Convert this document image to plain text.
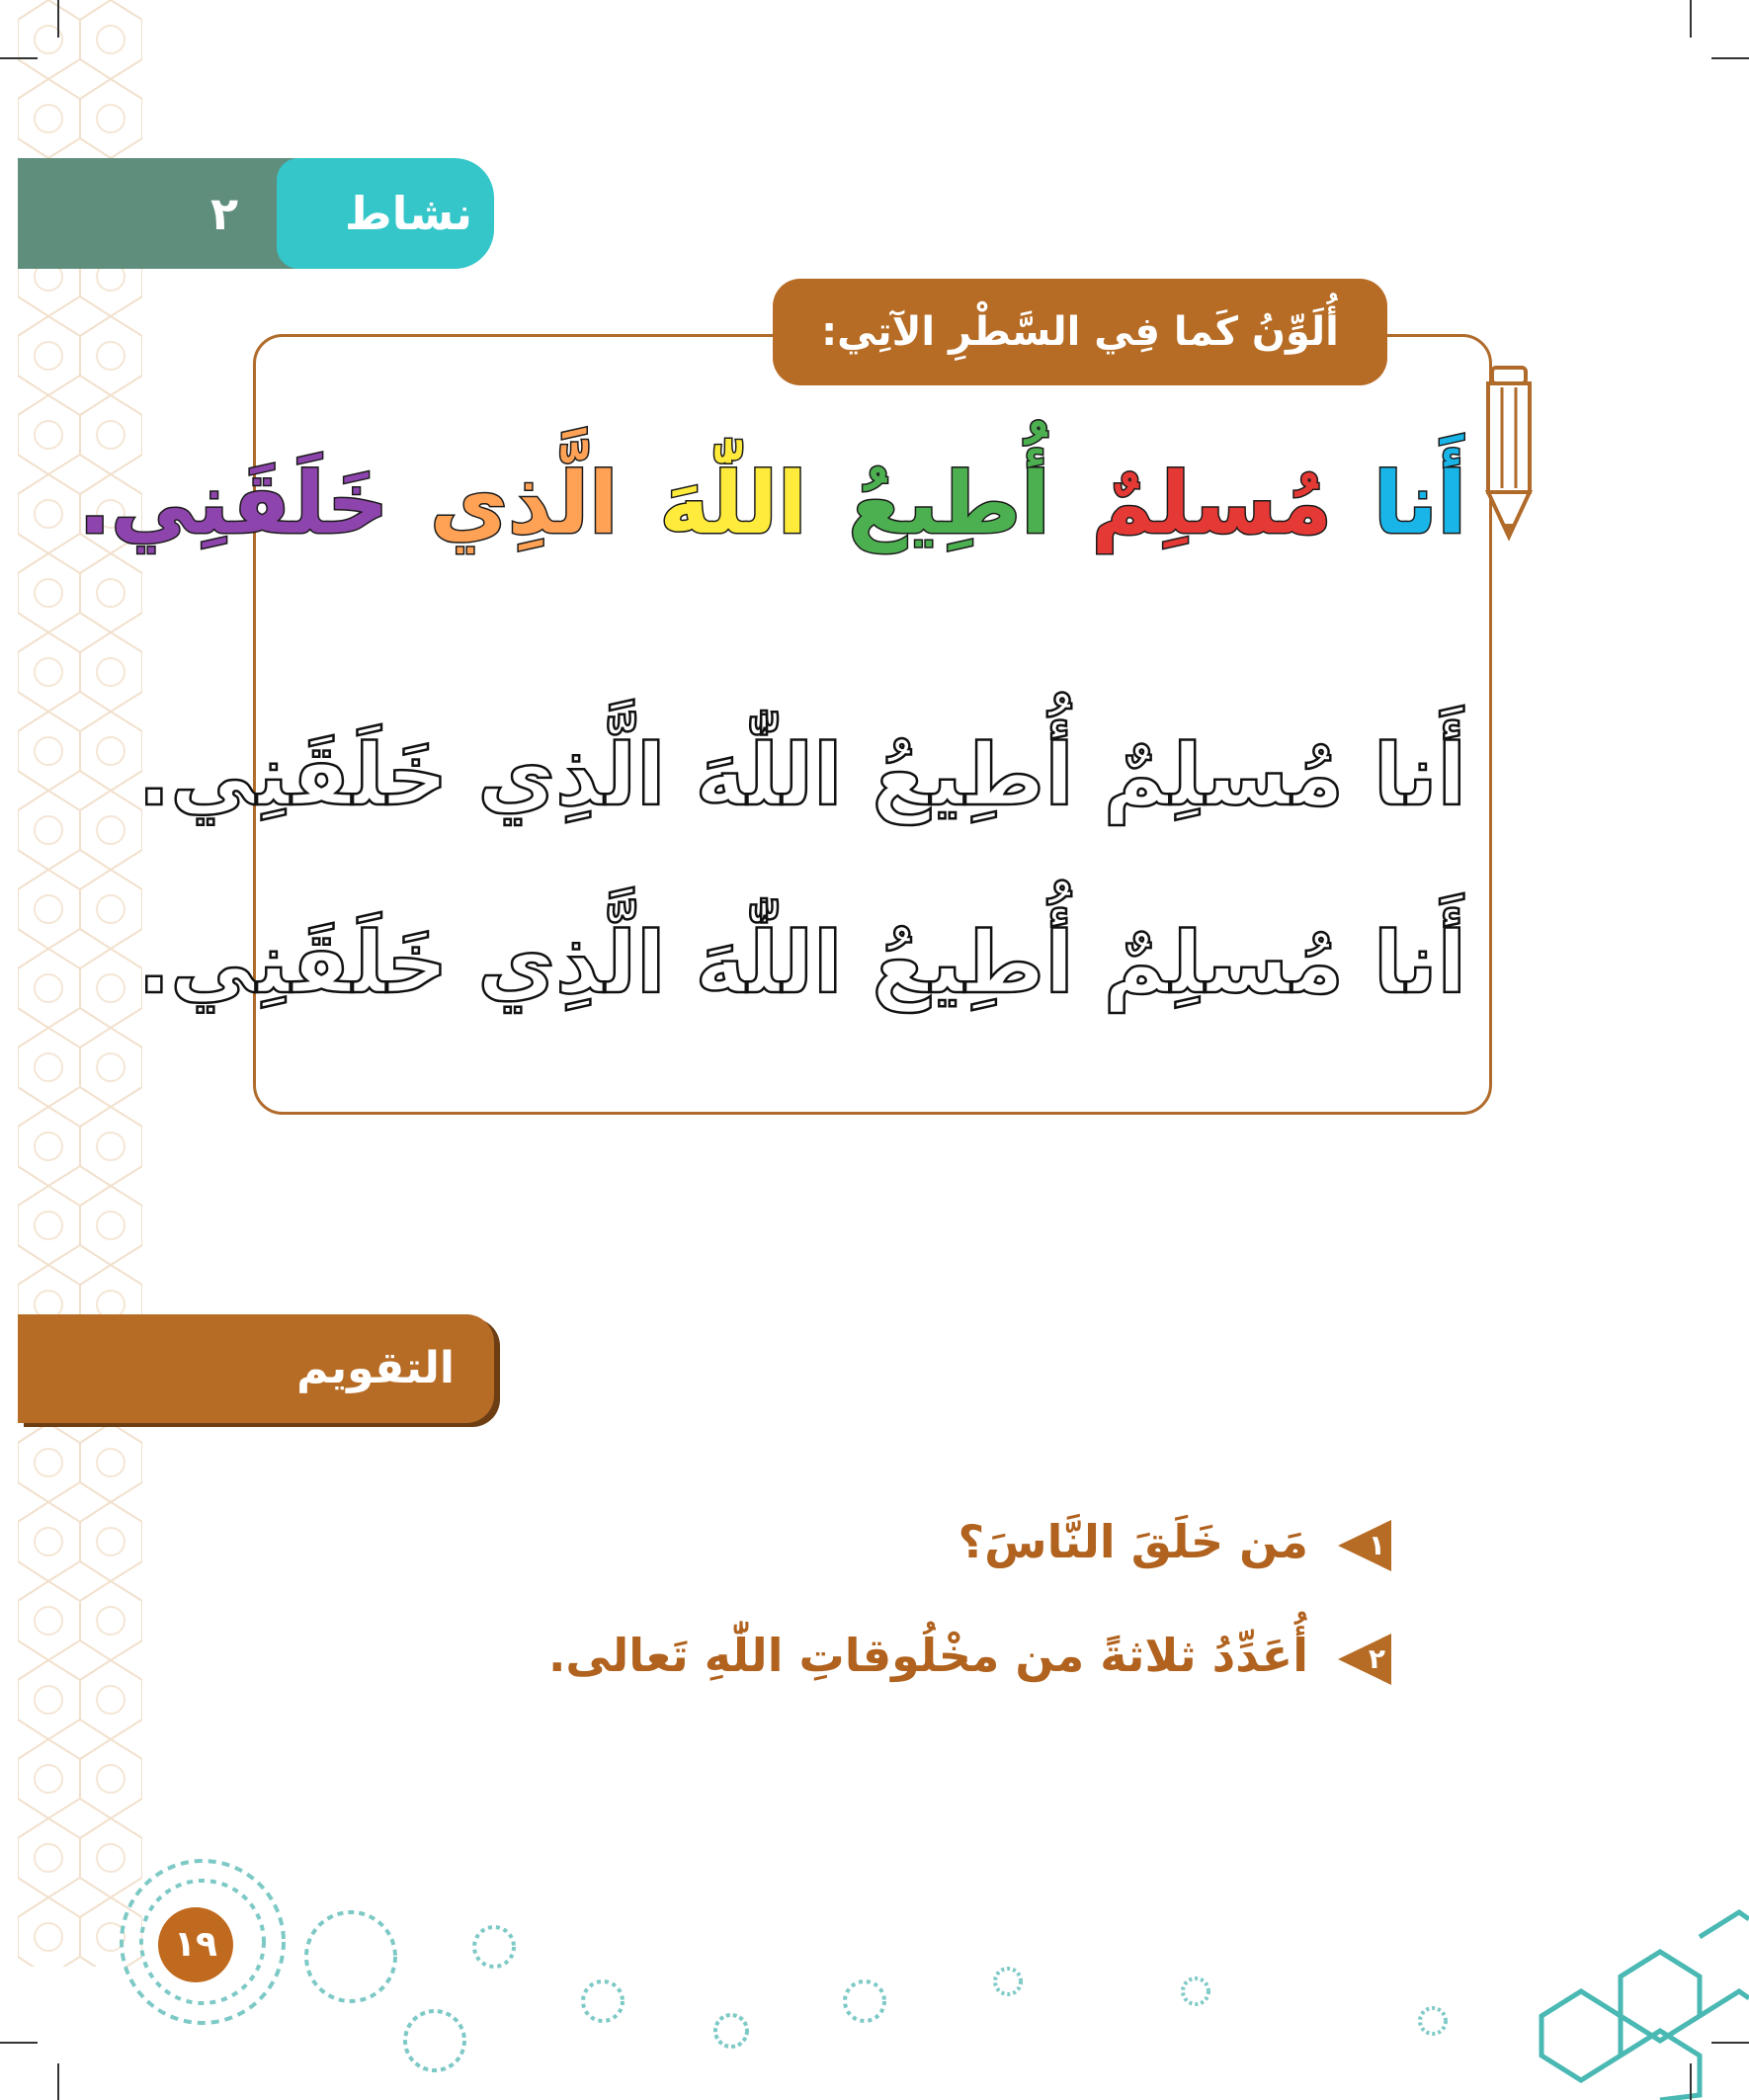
٢ نشاط
أُلَوِّنُ كَما فِي السَّطْرِ الآتِي:
أَنا مُسلِمٌ أُطِيعُ اللّٰهَ الَّذِي خَلَقَنِي.
أَنا مُسلِمٌ أُطِيعُ اللّٰهَ الَّذِي خَلَقَنِي.
أَنا مُسلِمٌ أُطِيعُ اللّٰهَ الَّذِي خَلَقَنِي.
التقويم
١
مَن خَلَقَ النَّاسَ؟
٢
أُعَدِّدُ ثلاثةً من مخْلُوقاتِ اللّٰهِ تَعالى.
١٩
